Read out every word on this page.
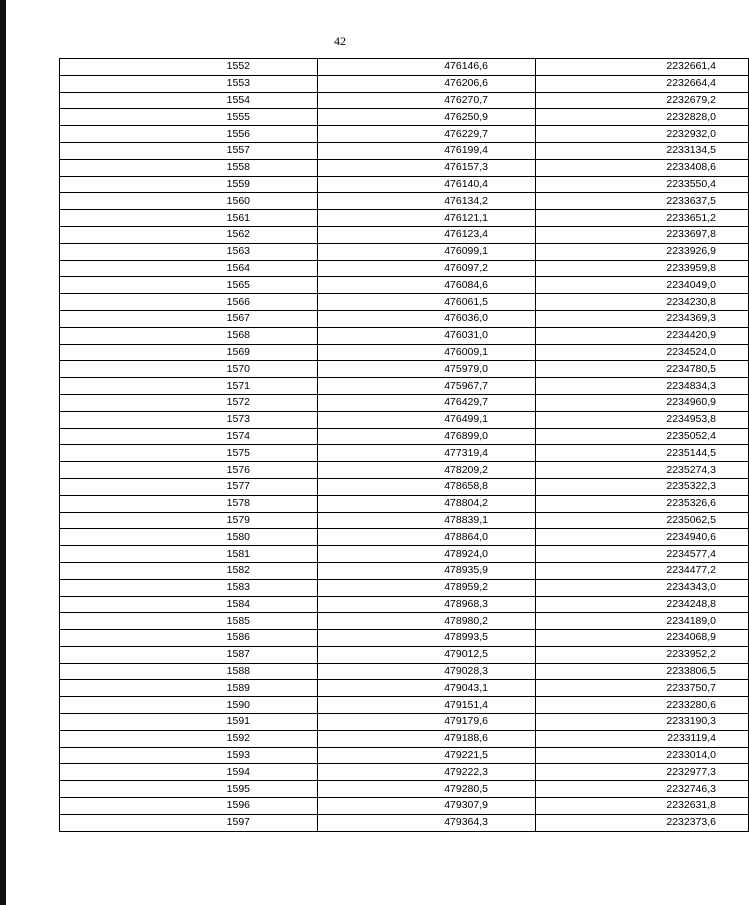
42
1552	476146,6	2232661,4
1553	476206,6	2232664,4
1554	476270,7	2232679,2
1555	476250,9	2232828,0
1556	476229,7	2232932,0
1557	476199,4	2233134,5
1558	476157,3	2233408,6
1559	476140,4	2233550,4
1560	476134,2	2233637,5
1561	476121,1	2233651,2
1562	476123,4	2233697,8
1563	476099,1	2233926,9
1564	476097,2	2233959,8
1565	476084,6	2234049,0
1566	476061,5	2234230,8
1567	476036,0	2234369,3
1568	476031,0	2234420,9
1569	476009,1	2234524,0
1570	475979,0	2234780,5
1571	475967,7	2234834,3
1572	476429,7	2234960,9
1573	476499,1	2234953,8
1574	476899,0	2235052,4
1575	477319,4	2235144,5
1576	478209,2	2235274,3
1577	478658,8	2235322,3
1578	478804,2	2235326,6
1579	478839,1	2235062,5
1580	478864,0	2234940,6
1581	478924,0	2234577,4
1582	478935,9	2234477,2
1583	478959,2	2234343,0
1584	478968,3	2234248,8
1585	478980,2	2234189,0
1586	478993,5	2234068,9
1587	479012,5	2233952,2
1588	479028,3	2233806,5
1589	479043,1	2233750,7
1590	479151,4	2233280,6
1591	479179,6	2233190,3
1592	479188,6	2233119,4
1593	479221,5	2233014,0
1594	479222,3	2232977,3
1595	479280,5	2232746,3
1596	479307,9	2232631,8
1597	479364,3	2232373,6
